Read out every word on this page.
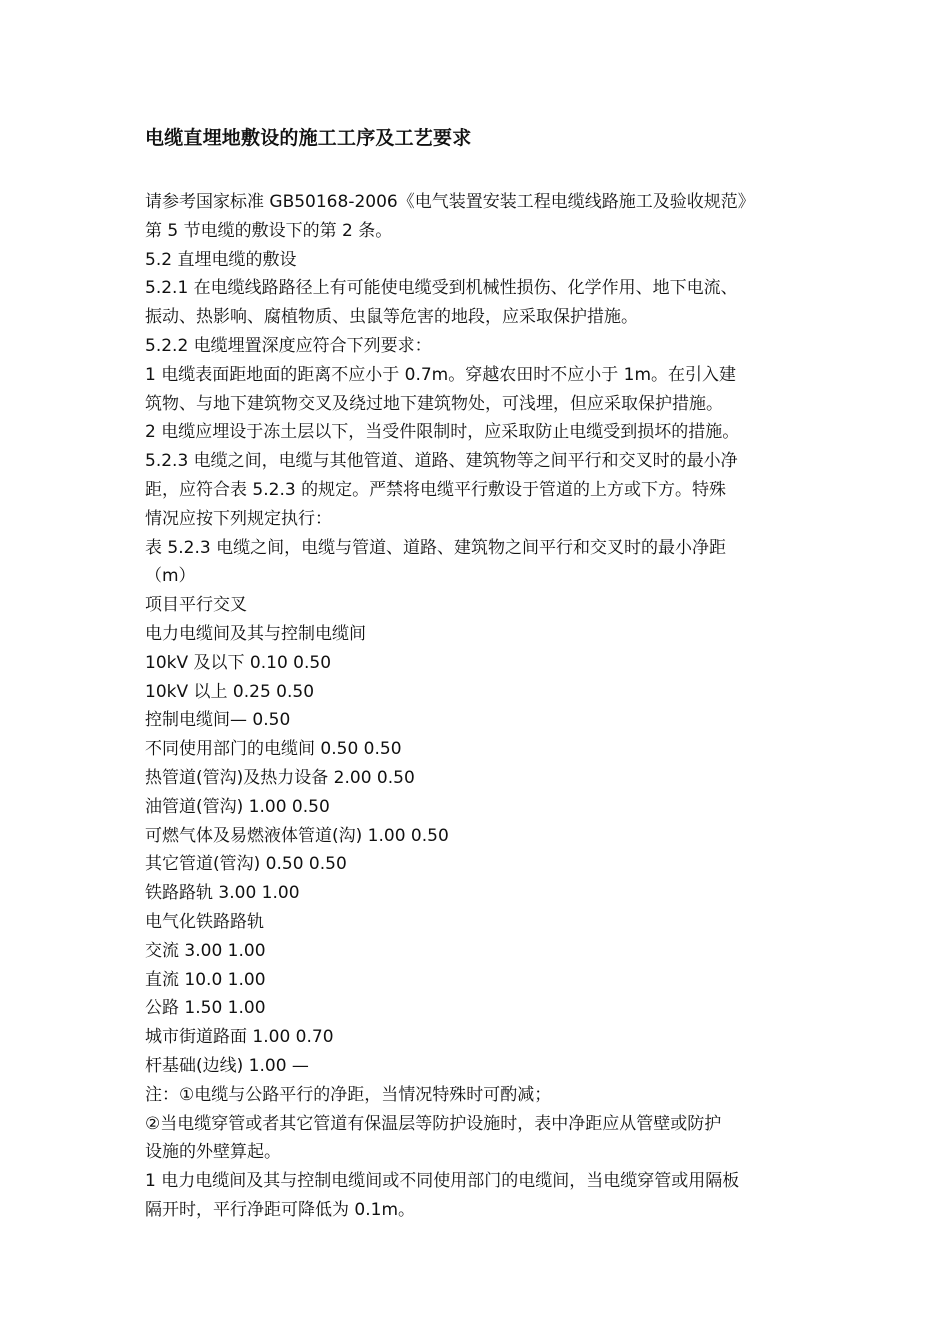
电缆直埋地敷设的施工工序及工艺要求
请参考国家标准 GB50168-2006《电气装置安装工程电缆线路施工及验收规范》
第 5 节电缆的敷设下的第 2 条。
5.2 直埋电缆的敷设
5.2.1 在电缆线路路径上有可能使电缆受到机械性损伤、化学作用、地下电流、
振动、热影响、腐植物质、虫鼠等危害的地段，应采取保护措施。
5.2.2 电缆埋置深度应符合下列要求：
1 电缆表面距地面的距离不应小于 0.7m。穿越农田时不应小于 1m。在引入建
筑物、与地下建筑物交叉及绕过地下建筑物处，可浅埋，但应采取保护措施。
2 电缆应埋设于冻土层以下，当受件限制时，应采取防止电缆受到损坏的措施。
5.2.3 电缆之间，电缆与其他管道、道路、建筑物等之间平行和交叉时的最小净
距，应符合表 5.2.3 的规定。严禁将电缆平行敷设于管道的上方或下方。特殊
情况应按下列规定执行：
表 5.2.3 电缆之间，电缆与管道、道路、建筑物之间平行和交叉时的最小净距
（m）
项目平行交叉
电力电缆间及其与控制电缆间
10kV 及以下 0.10 0.50
10kV 以上 0.25 0.50
控制电缆间— 0.50
不同使用部门的电缆间 0.50 0.50
热管道(管沟)及热力设备 2.00 0.50
油管道(管沟) 1.00 0.50
可燃气体及易燃液体管道(沟) 1.00 0.50
其它管道(管沟) 0.50 0.50
铁路路轨 3.00 1.00
电气化铁路路轨
交流 3.00 1.00
直流 10.0 1.00
公路 1.50 1.00
城市街道路面 1.00 0.70
杆基础(边线) 1.00 —
注：①电缆与公路平行的净距，当情况特殊时可酌减；
②当电缆穿管或者其它管道有保温层等防护设施时，表中净距应从管壁或防护
设施的外壁算起。
1 电力电缆间及其与控制电缆间或不同使用部门的电缆间，当电缆穿管或用隔板
隔开时，平行净距可降低为 0.1m。
